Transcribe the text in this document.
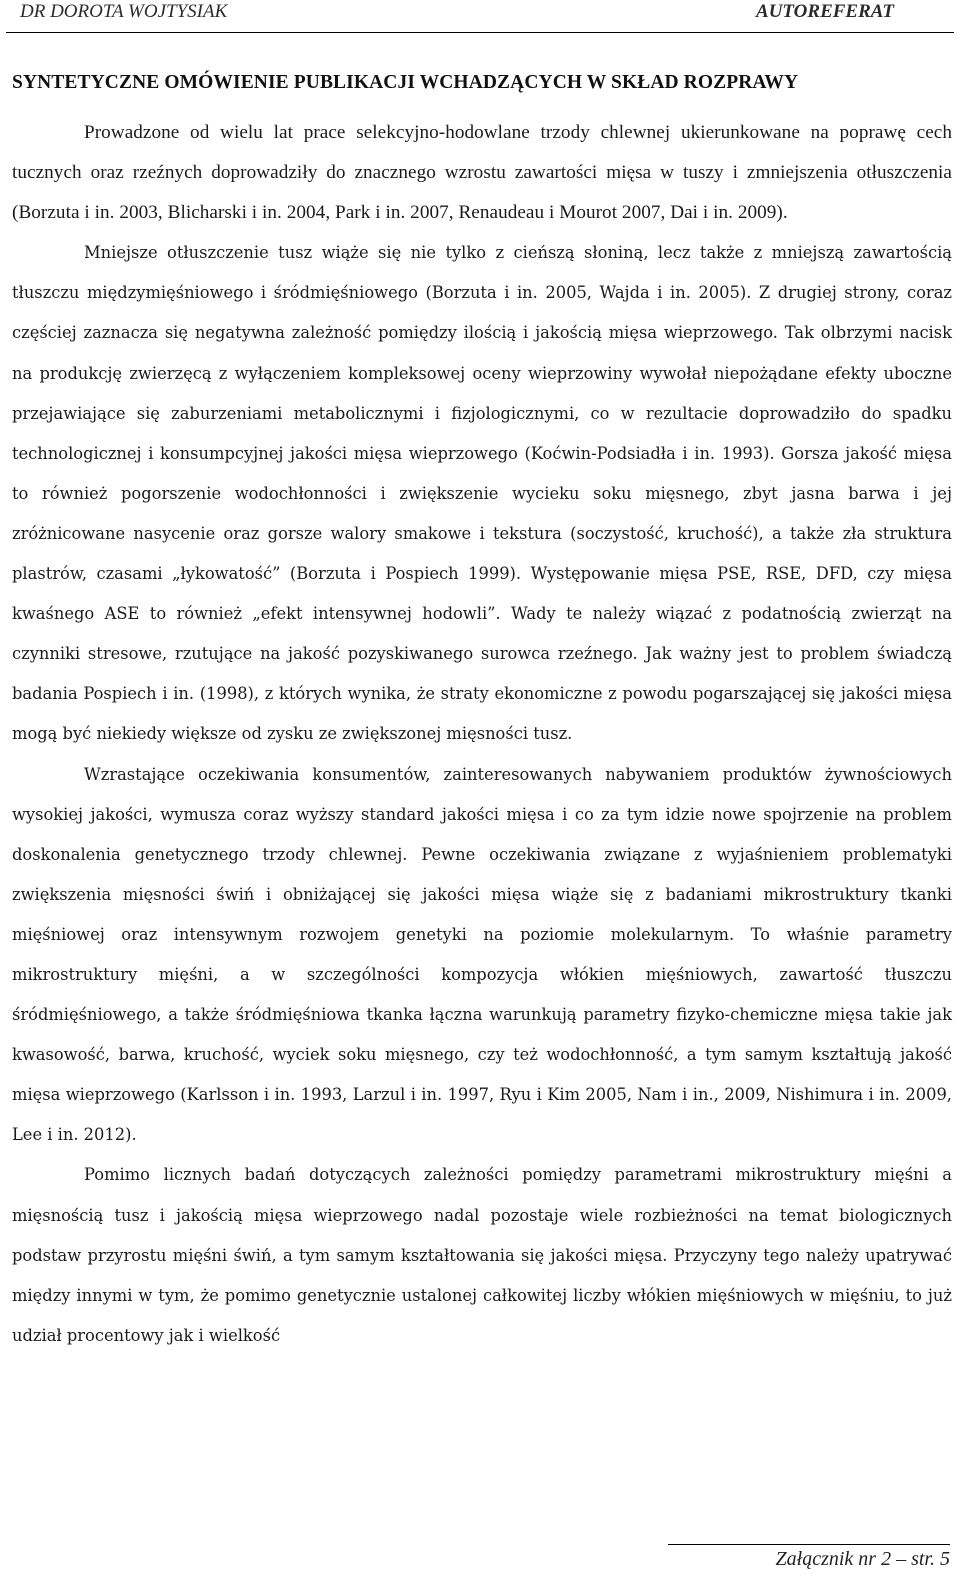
DR DOROTA WOJTYSIAK	AUTOREFERAT
SYNTETYCZNE OMÓWIENIE PUBLIKACJI WCHADZĄCYCH W SKŁAD ROZPRAWY

Prowadzone od wielu lat prace selekcyjno-hodowlane trzody chlewnej ukierunkowane na poprawę cech tucznych oraz rzeźnych doprowadziły do znacznego wzrostu zawartości mięsa w tuszy i zmniejszenia otłuszczenia (Borzuta i in. 2003, Blicharski i in. 2004, Park i in. 2007, Renaudeau i Mourot 2007, Dai i in. 2009).

Mniejsze otłuszczenie tusz wiąże się nie tylko z cieńszą słoniną, lecz także z mniejszą zawartością tłuszczu międzymięśniowego i śródmięśniowego (Borzuta i in. 2005, Wajda i in. 2005). Z drugiej strony, coraz częściej zaznacza się negatywna zależność pomiędzy ilością i jakością mięsa wieprzowego. Tak olbrzymi nacisk na produkcję zwierzęcą z wyłączeniem kompleksowej oceny wieprzowiny wywołał niepożądane efekty uboczne przejawiające się zaburzeniami metabolicznymi i fizjologicznymi, co w rezultacie doprowadziło do spadku technologicznej i konsumpcyjnej jakości mięsa wieprzowego (Koćwin-Podsiadła i in. 1993). Gorsza jakość mięsa to również pogorszenie wodochłonności i zwiększenie wycieku soku mięsnego, zbyt jasna barwa i jej zróżnicowane nasycenie oraz gorsze walory smakowe i tekstura (soczystość, kruchość), a także zła struktura plastrów, czasami „łykowatość” (Borzuta i Pospiech 1999). Występowanie mięsa PSE, RSE, DFD, czy mięsa kwaśnego ASE to również „efekt intensywnej hodowli”. Wady te należy wiązać z podatnością zwierząt na czynniki stresowe, rzutujące na jakość pozyskiwanego surowca rzeźnego. Jak ważny jest to problem świadczą badania Pospiech i in. (1998), z których wynika, że straty ekonomiczne z powodu pogarszającej się jakości mięsa mogą być niekiedy większe od zysku ze zwiększonej mięsności tusz.

Wzrastające oczekiwania konsumentów, zainteresowanych nabywaniem produktów żywnościowych wysokiej jakości, wymusza coraz wyższy standard jakości mięsa i co za tym idzie nowe spojrzenie na problem doskonalenia genetycznego trzody chlewnej. Pewne oczekiwania związane z wyjaśnieniem problematyki zwiększenia mięsności świń i obniżającej się jakości mięsa wiąże się z badaniami mikrostruktury tkanki mięśniowej oraz intensywnym rozwojem genetyki na poziomie molekularnym. To właśnie parametry mikrostruktury mięśni, a w szczególności kompozycja włókien mięśniowych, zawartość tłuszczu śródmięśniowego, a także śródmięśniowa tkanka łączna warunkują parametry fizyko-chemiczne mięsa takie jak kwasowość, barwa, kruchość, wyciek soku mięsnego, czy też wodochłonność, a tym samym kształtują jakość mięsa wieprzowego (Karlsson i in. 1993, Larzul i in. 1997, Ryu i Kim 2005, Nam i in., 2009, Nishimura i in. 2009, Lee i in. 2012).

Pomimo licznych badań dotyczących zależności pomiędzy parametrami mikrostruktury mięśni a mięsnością tusz i jakością mięsa wieprzowego nadal pozostaje wiele rozbieżności na temat biologicznych podstaw przyrostu mięśni świń, a tym samym kształtowania się jakości mięsa. Przyczyny tego należy upatrywać między innymi w tym, że pomimo genetycznie ustalonej całkowitej liczby włókien mięśniowych w mięśniu, to już udział procentowy jak i wielkość

Załącznik nr 2 – str. 5
